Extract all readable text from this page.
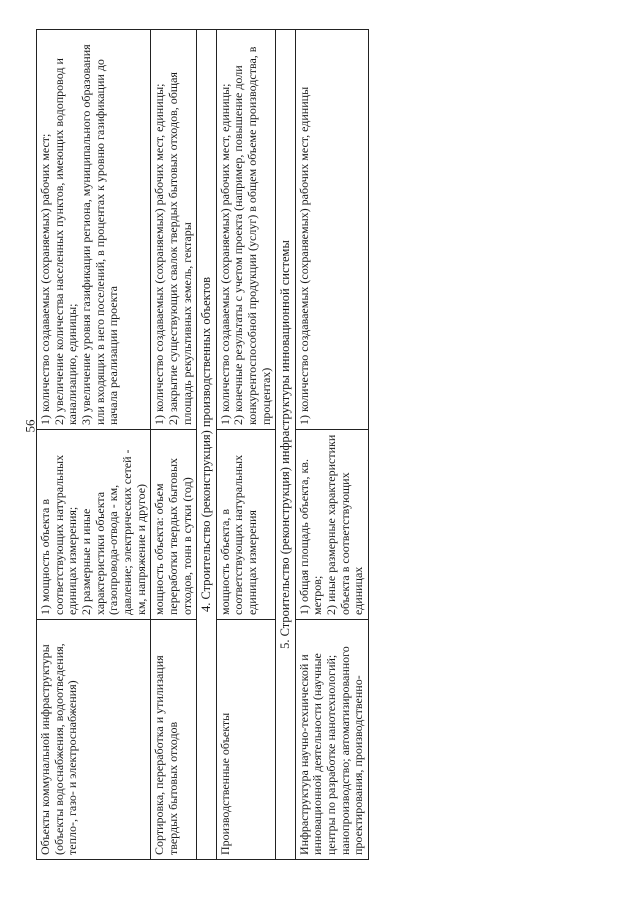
56
Объекты коммунальной инфраструктуры (объекты водоснабжения, водоотведения, тепло-, газо- и электроснабжения)	1) мощность объекта в соответствующих натуральных единицах измерения; 2) размерные и иные характеристики объекта (газопровода-отвода - км, давление; электрических сетей - км, напряжение и другое)	1) количество создаваемых (сохраняемых) рабочих мест; 2) увеличение количества населенных пунктов, имеющих водопровод и канализацию, единицы; 3) увеличение уровня газификации региона, муниципального образования или входящих в него поселений, в процентах к уровню газификации до начала реализации проекта

Сортировка, переработка и утилизация твердых бытовых отходов	мощность объекта: объем переработки твердых бытовых отходов, тонн в сутки (год)	1) количество создаваемых (сохраняемых) рабочих мест, единицы; 2) закрытие существующих свалок твердых бытовых отходов, общая площадь рекультивных земель, гектары

4. Строительство (реконструкция) производственных объектов		
Производственные объекты	мощность объекта, в соответствующих натуральных единицах измерения	1) количество создаваемых (сохраняемых) рабочих мест, единицы; 2) конечные результаты с учетом проекта (например, повышение доли конкурентоспособной продукции (услуг) в общем объеме производства, в процентах)

5. Строительство (реконструкция) инфраструктуры инновационной системы		
Инфраструктура научно-технической и инновационной деятельности (научные центры по разработке нанотехнологий; нанопроизводство; автоматизированного проектирования, производственно-	1) общая площадь объекта, кв. метров; 2) иные размерные характеристики объекта в соответствующих единицах	1) количество создаваемых (сохраняемых) рабочих мест, единицы
